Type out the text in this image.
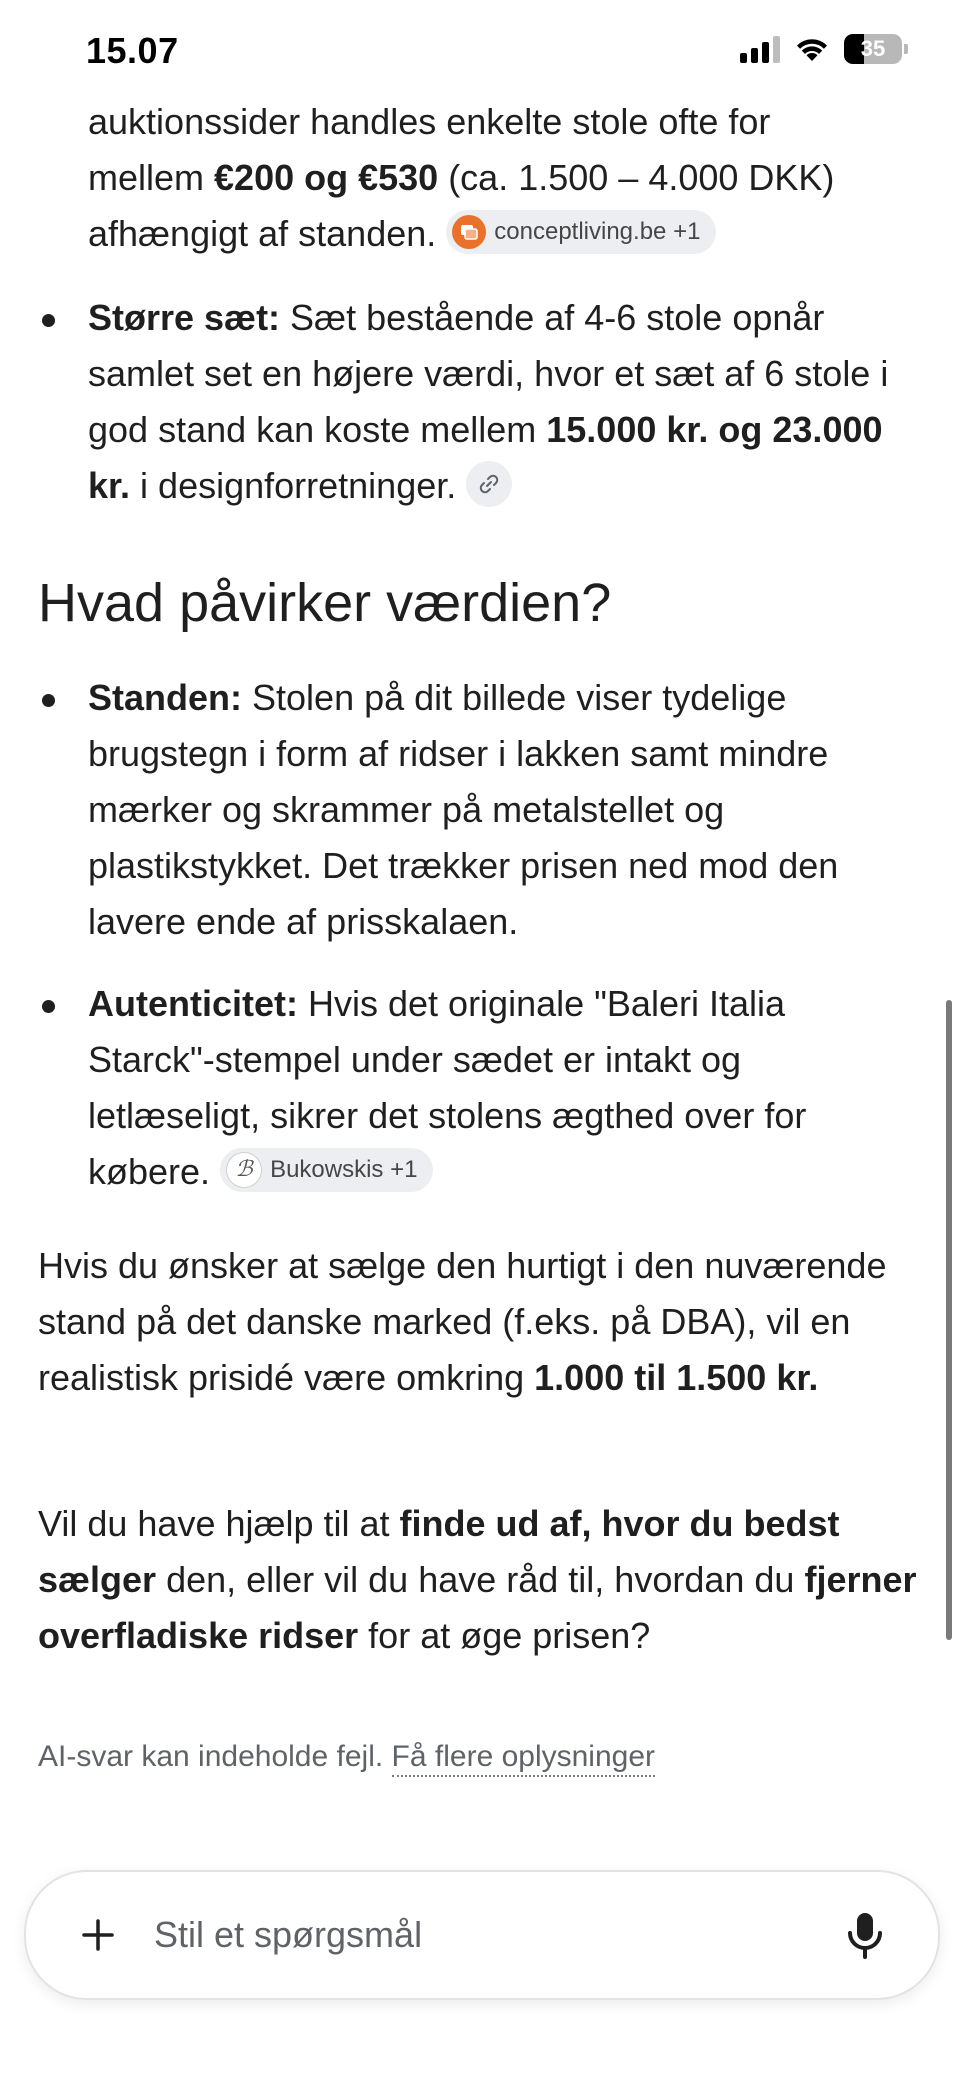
15.07	35
auktionssider handles enkelte stole ofte for
mellem €200 og €530 (ca. 1.500 – 4.000 DKK)
afhængigt af standen. conceptliving.be +1
Større sæt: Sæt bestående af 4-6 stole opnår samlet set en højere værdi, hvor et sæt af 6 stole i god stand kan koste mellem 15.000 kr. og 23.000 kr. i designforretninger.
Hvad påvirker værdien?
Standen: Stolen på dit billede viser tydelige brugstegn i form af ridser i lakken samt mindre mærker og skrammer på metalstellet og plastikstykket. Det trækker prisen ned mod den lavere ende af prisskalaen.
Autenticitet: Hvis det originale "Baleri Italia Starck"-stempel under sædet er intakt og letlæseligt, sikrer det stolens ægthed over for købere.	ℬ Bukowskis +1
Hvis du ønsker at sælge den hurtigt i den nuværende stand på det danske marked (f.eks. på DBA), vil en realistisk prisidé være omkring 1.000 til 1.500 kr.
Vil du have hjælp til at finde ud af, hvor du bedst sælger den, eller vil du have råd til, hvordan du fjerner overfladiske ridser for at øge prisen?
AI-svar kan indeholde fejl. Få flere oplysninger
Stil et spørgsmål
